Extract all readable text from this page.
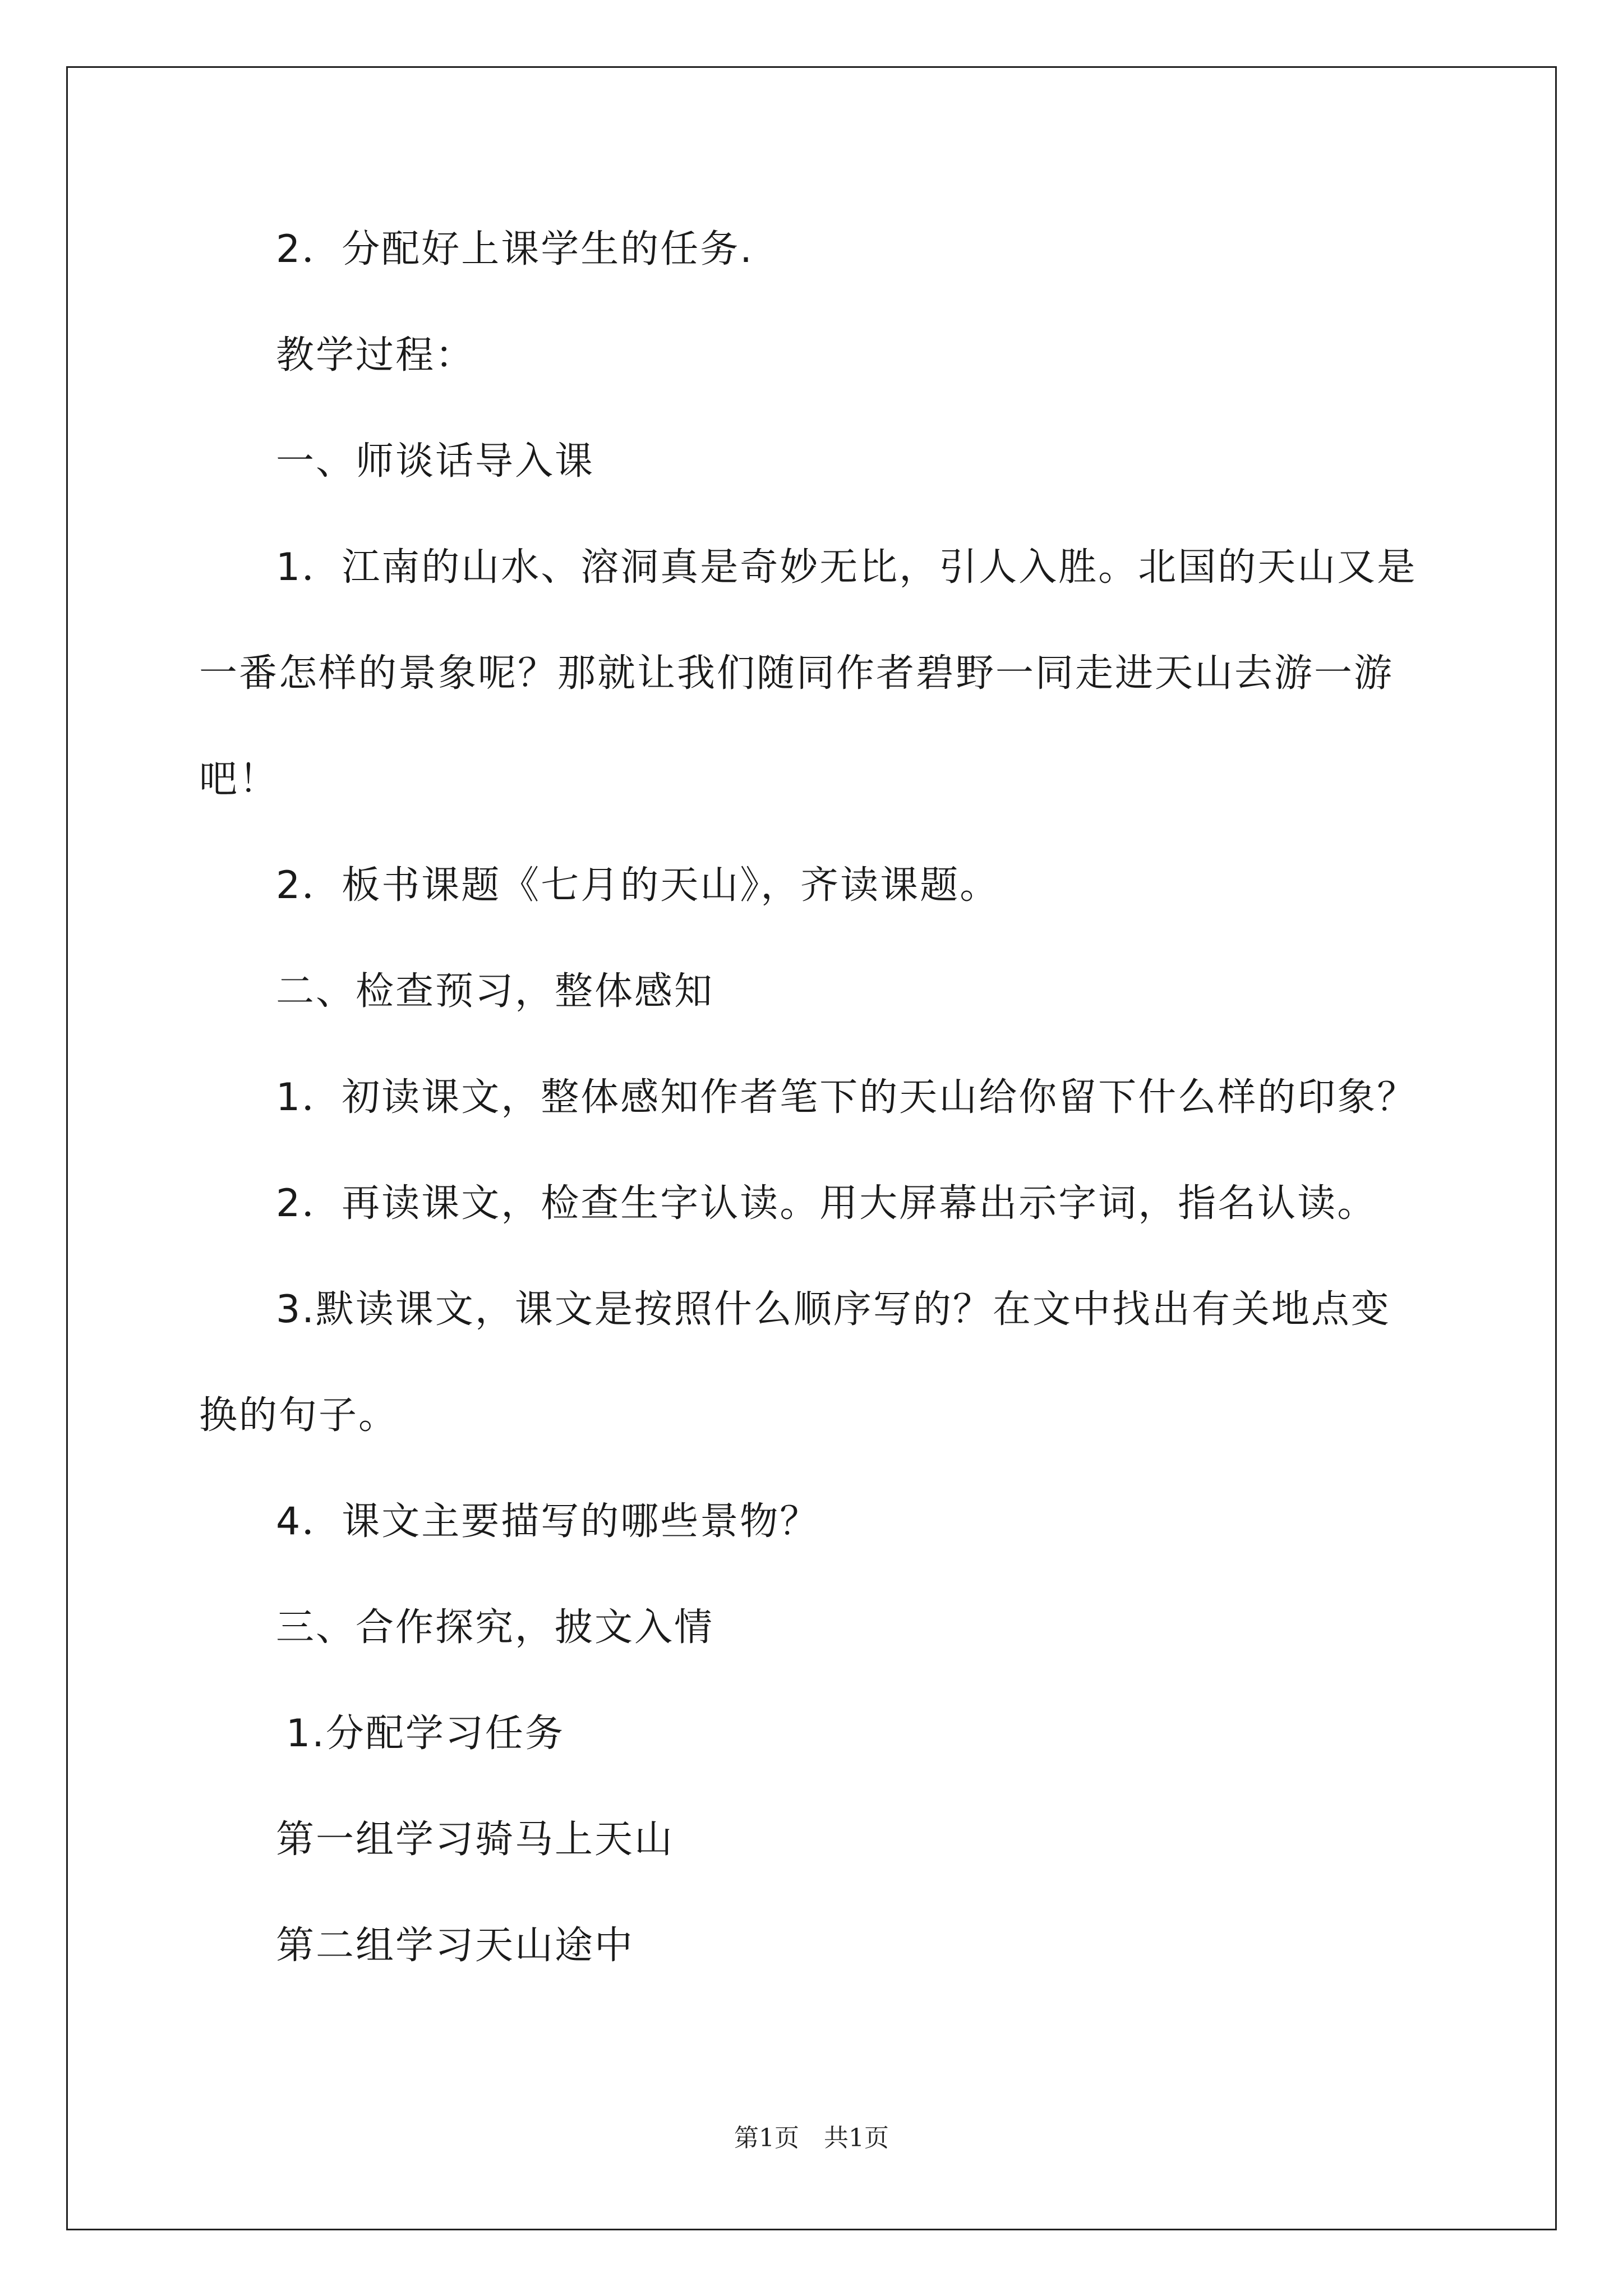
2．分配好上课学生的任务.

教学过程：

一、师谈话导入课

1．江南的山水、溶洞真是奇妙无比，引人入胜。北国的天山又是

一番怎样的景象呢？那就让我们随同作者碧野一同走进天山去游一游

吧！

2．板书课题《七月的天山》，齐读课题。

二、检查预习，整体感知

1．初读课文，整体感知作者笔下的天山给你留下什么样的印象？

2．再读课文，检查生字认读。用大屏幕出示字词，指名认读。

3.默读课文，课文是按照什么顺序写的？在文中找出有关地点变

换的句子。

4．课文主要描写的哪些景物？

三、合作探究，披文入情

1.分配学习任务

第一组学习骑马上天山

第二组学习天山途中

第1页　共1页
